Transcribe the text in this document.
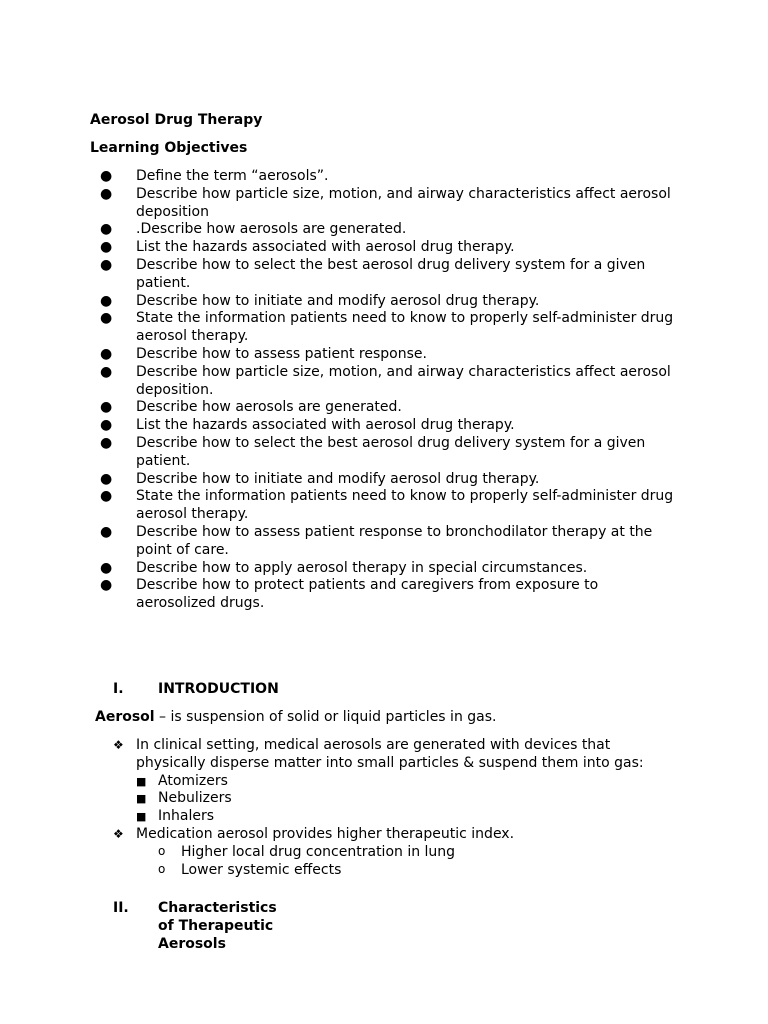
Aerosol Drug Therapy
Learning Objectives
● Define the term “aerosols”.
● Describe how particle size, motion, and airway characteristics affect aerosol deposition
● .Describe how aerosols are generated.
● List the hazards associated with aerosol drug therapy.
● Describe how to select the best aerosol drug delivery system for a given patient.
● Describe how to initiate and modify aerosol drug therapy.
● State the information patients need to know to properly self-administer drug aerosol therapy.
● Describe how to assess patient response.
● Describe how particle size, motion, and airway characteristics affect aerosol deposition.
● Describe how aerosols are generated.
● List the hazards associated with aerosol drug therapy.
● Describe how to select the best aerosol drug delivery system for a given patient.
● Describe how to initiate and modify aerosol drug therapy.
● State the information patients need to know to properly self-administer drug aerosol therapy.
● Describe how to assess patient response to bronchodilator therapy at the point of care.
● Describe how to apply aerosol therapy in special circumstances.
● Describe how to protect patients and caregivers from exposure to aerosolized drugs.
I. INTRODUCTION
Aerosol – is suspension of solid or liquid particles in gas.
❖ In clinical setting, medical aerosols are generated with devices that physically disperse matter into small particles & suspend them into gas:
■ Atomizers
■ Nebulizers
■ Inhalers
❖ Medication aerosol provides higher therapeutic index.
o Higher local drug concentration in lung
o Lower systemic effects
II. Characteristics of Therapeutic Aerosols
